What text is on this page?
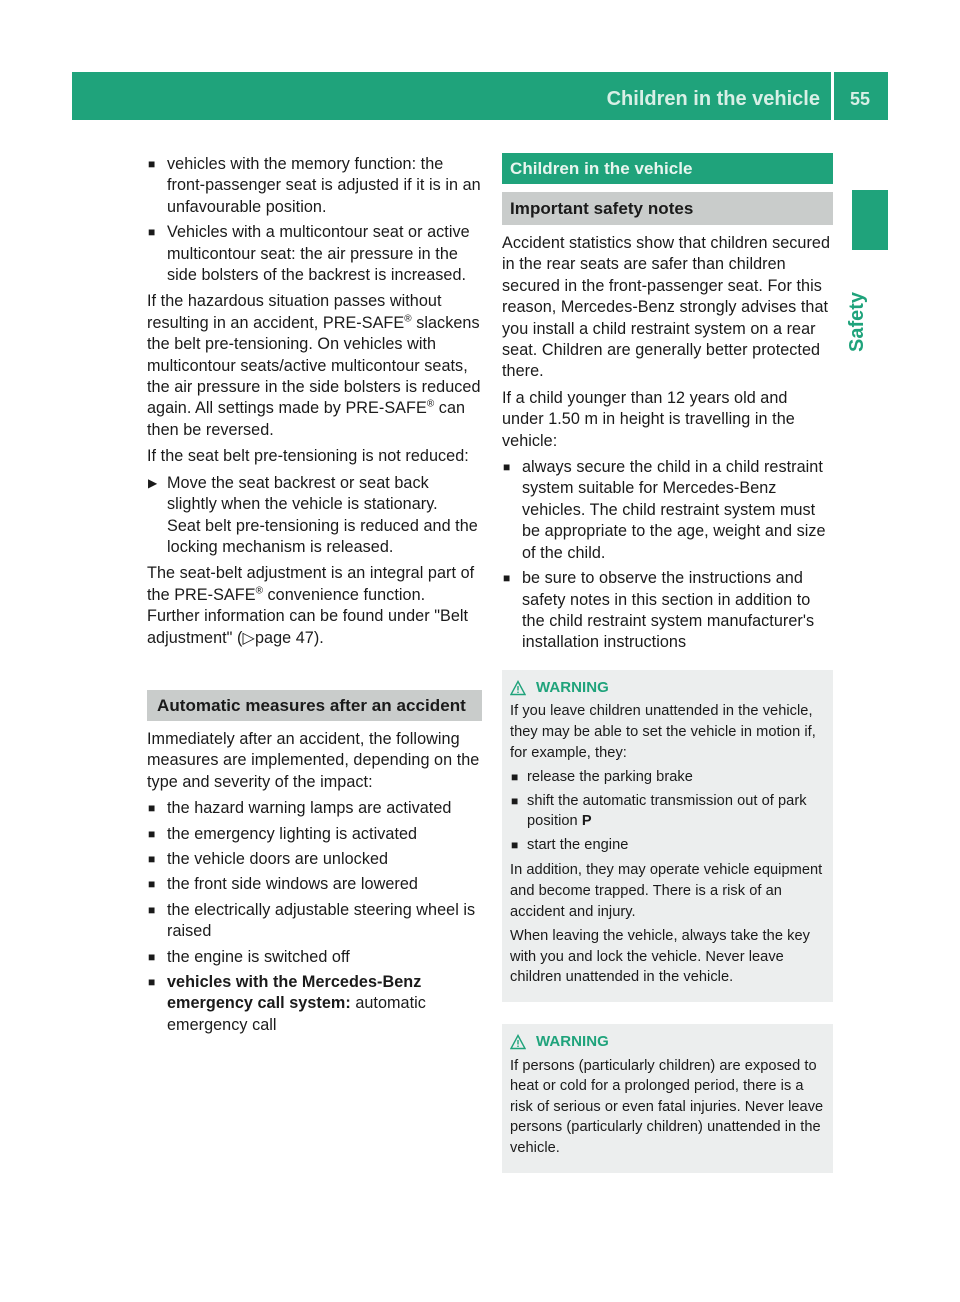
Children in the vehicle 55
Safety
■ vehicles with the memory function: the front-passenger seat is adjusted if it is in an unfavourable position.
■ Vehicles with a multicontour seat or active multicontour seat: the air pressure in the side bolsters of the backrest is increased.

If the hazardous situation passes without resulting in an accident, PRE-SAFE® slackens the belt pre-tensioning. On vehicles with multicontour seats/active multicontour seats, the air pressure in the side bolsters is reduced again. All settings made by PRE-SAFE® can then be reversed.

If the seat belt pre-tensioning is not reduced:

▶ Move the seat backrest or seat back slightly when the vehicle is stationary.
Seat belt pre-tensioning is reduced and the locking mechanism is released.

The seat-belt adjustment is an integral part of the PRE-SAFE® convenience function. Further information can be found under "Belt adjustment" (▷page 47).

Automatic measures after an accident

Immediately after an accident, the following measures are implemented, depending on the type and severity of the impact:

■ the hazard warning lamps are activated
■ the emergency lighting is activated
■ the vehicle doors are unlocked
■ the front side windows are lowered
■ the electrically adjustable steering wheel is raised
■ the engine is switched off
■ vehicles with the Mercedes-Benz emergency call system: automatic emergency call
Children in the vehicle
Important safety notes

Accident statistics show that children secured in the rear seats are safer than children secured in the front-passenger seat. For this reason, Mercedes-Benz strongly advises that you install a child restraint system on a rear seat. Children are generally better protected there.

If a child younger than 12 years old and under 1.50 m in height is travelling in the vehicle:

■ always secure the child in a child restraint system suitable for Mercedes-Benz vehicles. The child restraint system must be appropriate to the age, weight and size of the child.
■ be sure to observe the instructions and safety notes in this section in addition to the child restraint system manufacturer's installation instructions
WARNING

If you leave children unattended in the vehicle, they may be able to set the vehicle in motion if, for example, they:

■ release the parking brake
■ shift the automatic transmission out of park position P
■ start the engine

In addition, they may operate vehicle equipment and become trapped. There is a risk of an accident and injury.

When leaving the vehicle, always take the key with you and lock the vehicle. Never leave children unattended in the vehicle.

WARNING

If persons (particularly children) are exposed to heat or cold for a prolonged period, there is a risk of serious or even fatal injuries. Never leave persons (particularly children) unattended in the vehicle.
